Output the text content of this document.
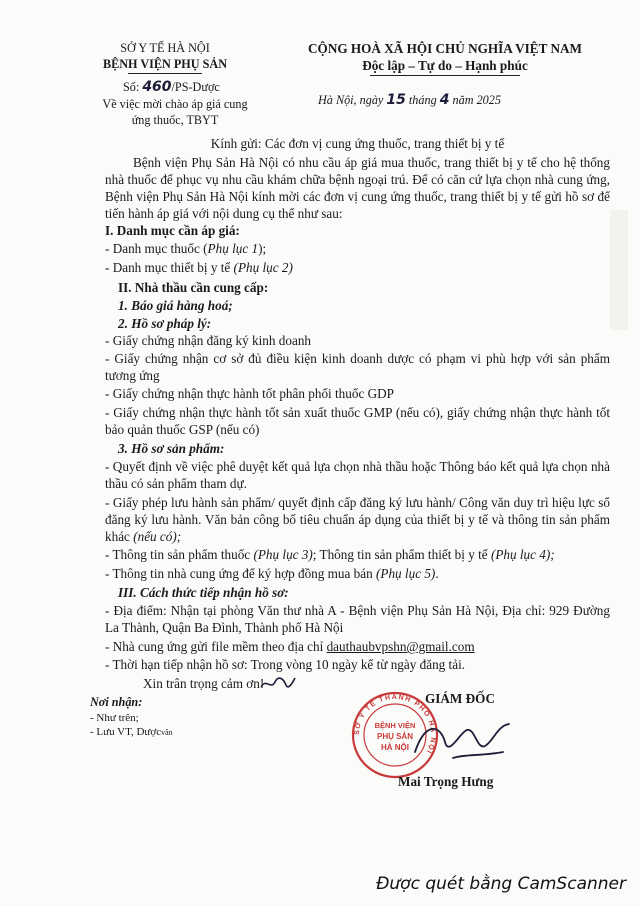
SỞ Y TẾ HÀ NỘI
BỆNH VIỆN PHỤ SẢN
Số: 460/PS-Dược
Về việc mời chào áp giá cung
ứng thuốc, TBYT
CỘNG HOÀ XÃ HỘI CHỦ NGHĨA VIỆT NAM
Độc lập – Tự do – Hạnh phúc
Hà Nội, ngày 15 tháng 4 năm 2025
Kính gửi: Các đơn vị cung ứng thuốc, trang thiết bị y tế
Bệnh viện Phụ Sản Hà Nội có nhu cầu áp giá mua thuốc, trang thiết bị y tế cho hệ thống nhà thuốc để phục vụ nhu cầu khám chữa bệnh ngoại trú. Để có căn cứ lựa chọn nhà cung ứng, Bệnh viện Phụ Sản Hà Nội kính mời các đơn vị cung ứng thuốc, trang thiết bị y tế gửi hồ sơ để tiến hành áp giá với nội dung cụ thể như sau:
I. Danh mục cần áp giá:
- Danh mục thuốc (Phụ lục 1);
- Danh mục thiết bị y tế (Phụ lục 2)
II. Nhà thầu cần cung cấp:
1. Báo giá hàng hoá;
2. Hồ sơ pháp lý:
- Giấy chứng nhận đăng ký kinh doanh
- Giấy chứng nhận cơ sở đủ điều kiện kinh doanh dược có phạm vi phù hợp với sản phẩm tương ứng
- Giấy chứng nhận thực hành tốt phân phối thuốc GDP
- Giấy chứng nhận thực hành tốt sản xuất thuốc GMP (nếu có), giấy chứng nhận thực hành tốt bảo quản thuốc GSP (nếu có)
3. Hồ sơ sản phẩm:
- Quyết định về việc phê duyệt kết quả lựa chọn nhà thầu hoặc Thông báo kết quả lựa chọn nhà thầu có sản phẩm tham dự.
- Giấy phép lưu hành sản phẩm/ quyết định cấp đăng ký lưu hành/ Công văn duy trì hiệu lực số đăng ký lưu hành. Văn bản công bố tiêu chuẩn áp dụng của thiết bị y tế và thông tin sản phẩm khác (nếu có);
- Thông tin sản phẩm thuốc (Phụ lục 3); Thông tin sản phẩm thiết bị y tế (Phụ lục 4);
- Thông tin nhà cung ứng để ký hợp đồng mua bán (Phụ lục 5).
III. Cách thức tiếp nhận hồ sơ:
- Địa điểm: Nhận tại phòng Văn thư nhà A - Bệnh viện Phụ Sản Hà Nội, Địa chỉ: 929 Đường La Thành, Quận Ba Đình, Thành phố Hà Nội
- Nhà cung ứng gửi file mềm theo địa chỉ dauthaubvpshn@gmail.com
- Thời hạn tiếp nhận hồ sơ: Trong vòng 10 ngày kể từ ngày đăng tải.
Xin trân trọng cảm ơn!
Nơi nhận:
- Như trên;
- Lưu VT, Dượcvân
GIÁM ĐỐC
SỞ Y TẾ THÀNH PHỐ HÀ NỘI
BỆNH VIỆN
PHỤ SẢN
HÀ NỘI
Mai Trọng Hưng
Được quét bằng CamScanner
